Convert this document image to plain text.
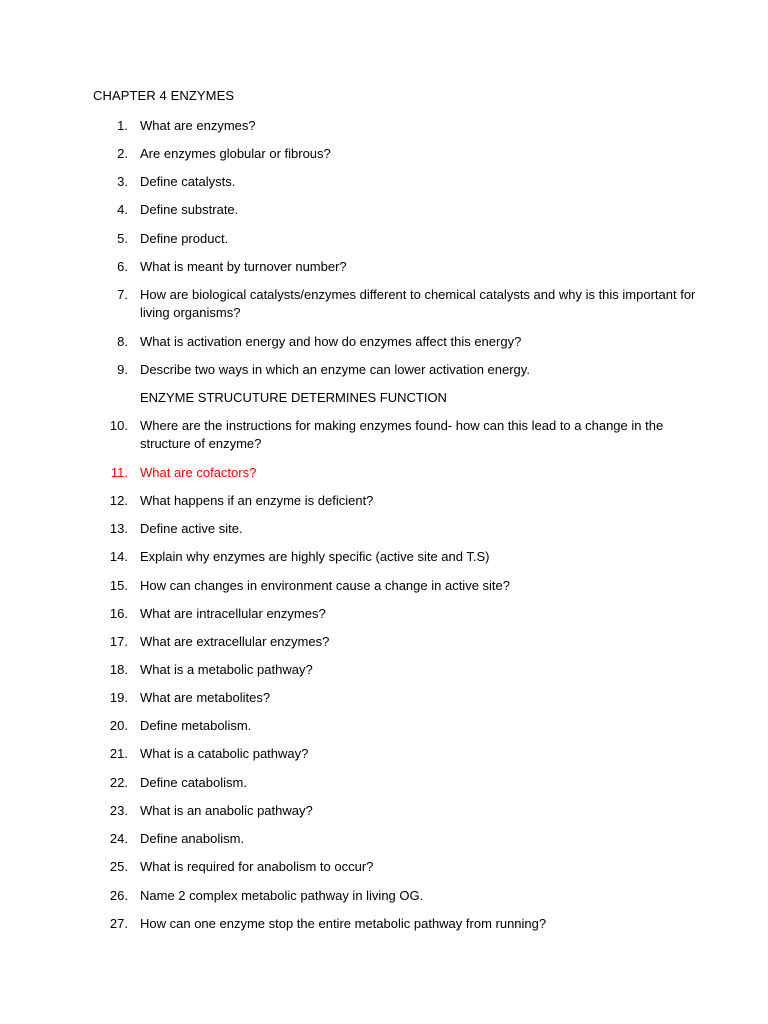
CHAPTER 4 ENZYMES
1. What are enzymes?
2. Are enzymes globular or fibrous?
3. Define catalysts.
4. Define substrate.
5. Define product.
6. What is meant by turnover number?
7. How are biological catalysts/enzymes different to chemical catalysts and why is this important for living organisms?
8. What is activation energy and how do enzymes affect this energy?
9. Describe two ways in which an enzyme can lower activation energy.
ENZYME STRUCUTURE DETERMINES FUNCTION
10. Where are the instructions for making enzymes found- how can this lead to a change in the structure of enzyme?
11. What are cofactors?
12. What happens if an enzyme is deficient?
13. Define active site.
14. Explain why enzymes are highly specific (active site and T.S)
15. How can changes in environment cause a change in active site?
16. What are intracellular enzymes?
17. What are extracellular enzymes?
18. What is a metabolic pathway?
19. What are metabolites?
20. Define metabolism.
21. What is a catabolic pathway?
22. Define catabolism.
23. What is an anabolic pathway?
24. Define anabolism.
25. What is required for anabolism to occur?
26. Name 2 complex metabolic pathway in living OG.
27. How can one enzyme stop the entire metabolic pathway from running?
